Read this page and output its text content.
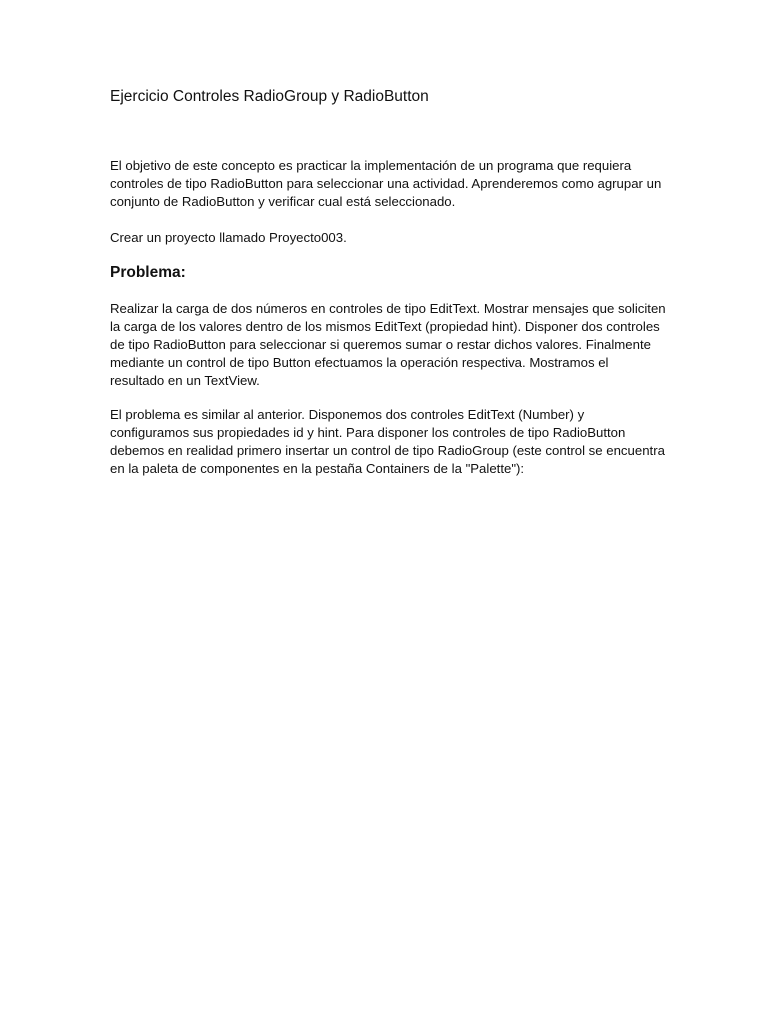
Ejercicio Controles RadioGroup y RadioButton

El objetivo de este concepto es practicar la implementación de un programa que requiera controles de tipo RadioButton para seleccionar una actividad. Aprenderemos como agrupar un conjunto de RadioButton y verificar cual está seleccionado.

Crear un proyecto llamado Proyecto003.

Problema:

Realizar la carga de dos números en controles de tipo EditText. Mostrar mensajes que soliciten la carga de los valores dentro de los mismos EditText (propiedad hint). Disponer dos controles de tipo RadioButton para seleccionar si queremos sumar o restar dichos valores. Finalmente mediante un control de tipo Button efectuamos la operación respectiva. Mostramos el resultado en un TextView.

El problema es similar al anterior. Disponemos dos controles EditText (Number) y configuramos sus propiedades id y hint. Para disponer los controles de tipo RadioButton debemos en realidad primero insertar un control de tipo RadioGroup (este control se encuentra en la paleta de componentes en la pestaña Containers de la "Palette"):
